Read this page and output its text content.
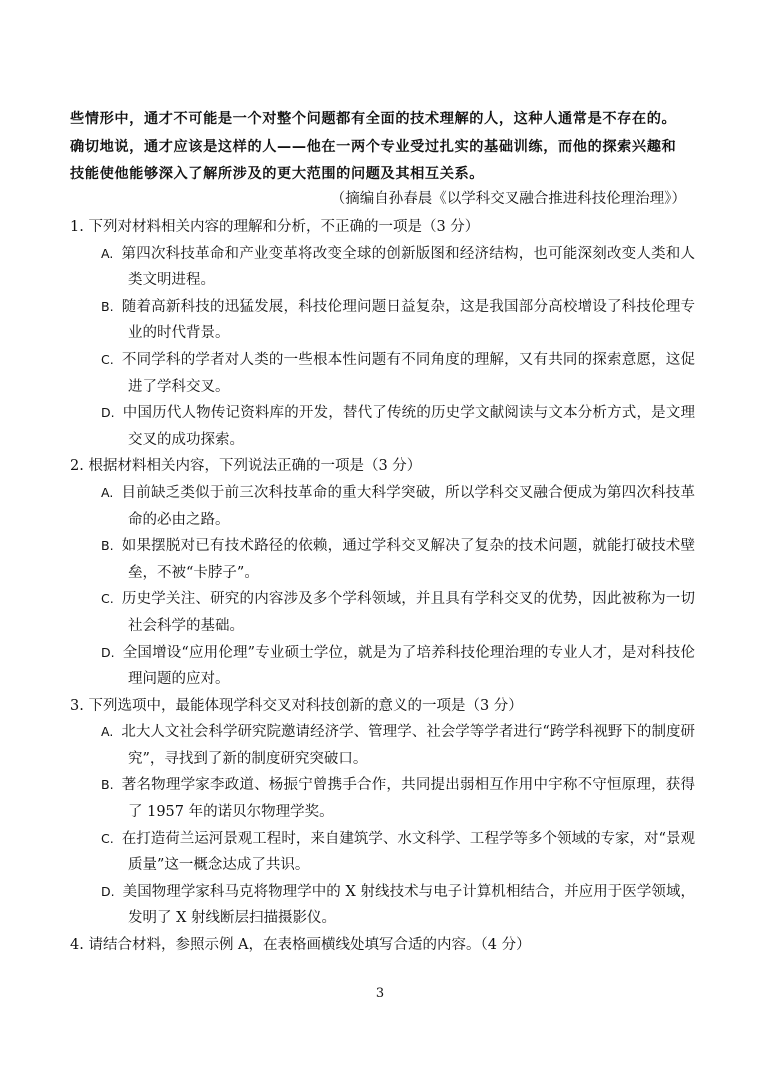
些情形中，通才不可能是一个对整个问题都有全面的技术理解的人，这种人通常是不存在的。

确切地说，通才应该是这样的人——他在一两个专业受过扎实的基础训练，而他的探索兴趣和

技能使他能够深入了解所涉及的更大范围的问题及其相互关系。

（摘编自孙春晨《以学科交叉融合推进科技伦理治理》）

1. 下列对材料相关内容的理解和分析，不正确的一项是（3 分）

A. 第四次科技革命和产业变革将改变全球的创新版图和经济结构，也可能深刻改变人类和人类文明进程。

B. 随着高新科技的迅猛发展，科技伦理问题日益复杂，这是我国部分高校增设了科技伦理专业的时代背景。

C. 不同学科的学者对人类的一些根本性问题有不同角度的理解，又有共同的探索意愿，这促进了学科交叉。

D. 中国历代人物传记资料库的开发，替代了传统的历史学文献阅读与文本分析方式，是文理交叉的成功探索。

2. 根据材料相关内容，下列说法正确的一项是（3 分）

A. 目前缺乏类似于前三次科技革命的重大科学突破，所以学科交叉融合便成为第四次科技革命的必由之路。

B. 如果摆脱对已有技术路径的依赖，通过学科交叉解决了复杂的技术问题，就能打破技术壁垒，不被“卡脖子”。

C. 历史学关注、研究的内容涉及多个学科领域，并且具有学科交叉的优势，因此被称为一切社会科学的基础。

D. 全国增设“应用伦理”专业硕士学位，就是为了培养科技伦理治理的专业人才，是对科技伦理问题的应对。

3. 下列选项中，最能体现学科交叉对科技创新的意义的一项是（3 分）

A. 北大人文社会科学研究院邀请经济学、管理学、社会学等学者进行“跨学科视野下的制度研究”，寻找到了新的制度研究突破口。

B. 著名物理学家李政道、杨振宁曾携手合作，共同提出弱相互作用中宇称不守恒原理，获得了 1957 年的诺贝尔物理学奖。

C. 在打造荷兰运河景观工程时，来自建筑学、水文科学、工程学等多个领域的专家，对“景观质量”这一概念达成了共识。

D. 美国物理学家科马克将物理学中的 X 射线技术与电子计算机相结合，并应用于医学领域，发明了 X 射线断层扫描摄影仪。

4. 请结合材料，参照示例 A，在表格画横线处填写合适的内容。（4 分）

3
